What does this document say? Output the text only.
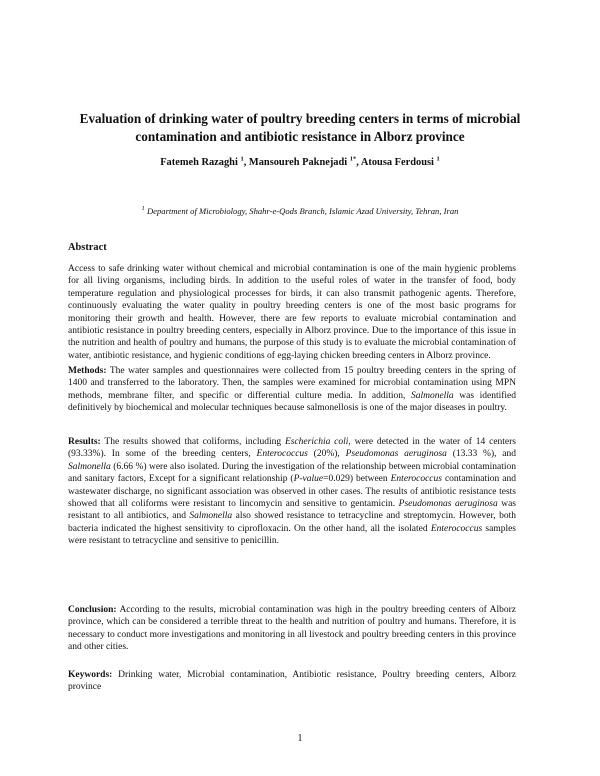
Evaluation of drinking water of poultry breeding centers in terms of microbial contamination and antibiotic resistance in Alborz province
Fatemeh Razaghi $^1$, Mansoureh Paknejadi $^{1*}$, Atousa Ferdousi $^1$
$^1$ Department of Microbiology, Shahr-e-Qods Branch, Islamic Azad University, Tehran, Iran
Abstract
Access to safe drinking water without chemical and microbial contamination is one of the main hygienic problems for all living organisms, including birds. In addition to the useful roles of water in the transfer of food, body temperature regulation and physiological processes for birds, it can also transmit pathogenic agents. Therefore, continuously evaluating the water quality in poultry breeding centers is one of the most basic programs for monitoring their growth and health. However, there are few reports to evaluate microbial contamination and antibiotic resistance in poultry breeding centers, especially in Alborz province. Due to the importance of this issue in the nutrition and health of poultry and humans, the purpose of this study is to evaluate the microbial contamination of water, antibiotic resistance, and hygienic conditions of egg-laying chicken breeding centers in Alborz province.
Methods: The water samples and questionnaires were collected from 15 poultry breeding centers in the spring of 1400 and transferred to the laboratory. Then, the samples were examined for microbial contamination using MPN methods, membrane filter, and specific or differential culture media. In addition, Salmonella was identified definitively by biochemical and molecular techniques because salmonellosis is one of the major diseases in poultry.
Results: The results showed that coliforms, including Escherichia coli, were detected in the water of 14 centers (93.33%). In some of the breeding centers, Enterococcus (20%), Pseudomonas aeruginosa (13.33 %), and Salmonella (6.66 %) were also isolated. During the investigation of the relationship between microbial contamination and sanitary factors, Except for a significant relationship (P-value=0.029) between Enterococcus contamination and wastewater discharge, no significant association was observed in other cases. The results of antibiotic resistance tests showed that all coliforms were resistant to lincomycin and sensitive to gentamicin. Pseudomonas aeruginosa was resistant to all antibiotics, and Salmonella also showed resistance to tetracycline and streptomycin. However, both bacteria indicated the highest sensitivity to ciprofloxacin. On the other hand, all the isolated Enterococcus samples were resistant to tetracycline and sensitive to penicillin.
Conclusion: According to the results, microbial contamination was high in the poultry breeding centers of Alborz province, which can be considered a terrible threat to the health and nutrition of poultry and humans. Therefore, it is necessary to conduct more investigations and monitoring in all livestock and poultry breeding centers in this province and other cities.
Keywords: Drinking water, Microbial contamination, Antibiotic resistance, Poultry breeding centers, Alborz province
1
